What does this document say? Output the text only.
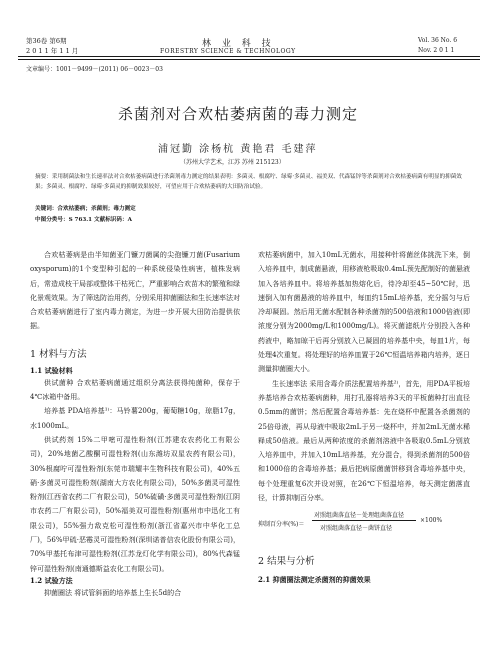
第36卷 第6期
2 0 1 1 年 1 1 月
林 业 科 技
FORESTRY SCIENCE & TECHNOLOGY
Vol. 36 No. 6
Nov. 2 0 1 1
文章编号：1001－9499－(2011) 06－0023－03
杀菌剂对合欢枯萎病菌的毒力测定
浦冠勤 涂杨杭 黄艳君 毛建萍
（苏州大学艺术，江苏 苏州 215123）
摘要：采用制菌法和生长速率法对合欢枯萎病菌进行杀菌剂毒力测定的结果表明：多菌灵、根腐咛、绿霉·多菌灵、福美双、代森锰锌等杀菌剂对合欢枯萎病菌有明显的抑菌效果；多菌灵、根腐咛、绿霉·多菌灵的抑制效果较好，可望应用于合欢枯萎病的大田防治试验。
关键词：合欢枯萎病；杀菌剂；毒力测定
中图分类号：S 763.1 文献标识码：A
合欢枯萎病是由半知菌亚门镰刀菌属的尖孢镰刀菌(Fusarium oxysporum)的1个变型种引起的一种系统侵染性病害，植株发病后，常造成枝干局部或整体干枯死亡，严重影响合欢苗木的繁殖和绿化景观效果。为了筛选防治用药，分别采用抑菌圈法和生长速率法对合欢枯萎病菌进行了室内毒力测定，为进一步开展大田防治提供依据。
1 材料与方法
1.1 试验材料
供试菌种 合欢枯萎病菌通过组织分离法获得纯菌种，保存于4℃冰箱中备用。
培养基 PDA培养基¹⁾：马铃薯200g，葡萄糖10g，琼脂17g，水1000mL。
供试药剂 15%二甲嘧可湿性粉剂(江苏建农农药化工有限公司)，20%地菌乙酸酮可湿性粉剂(山东潍坊双星农药有限公司)，30%根腐咛可湿性粉剂(东莞市瑞耀丰生物科技有限公司)，40%五硝·多菌灵可湿性粉剂(湖南大方农化有限公司)，50%多菌灵可湿性粉剂(江西省农药二厂有限公司)，50%硫磺·多菌灵可湿性粉剂(江阴市农药二厂有限公司)，50%福美双可湿性粉剂(惠州市中迅化工有限公司)，55%强力敌克松可湿性粉剂(浙江省嘉兴市中华化工总厂)，56%甲硫·恶霉灵可湿性粉剂(深圳诺普信农化股份有限公司)，70%甲基托布津可湿性粉剂(江苏龙灯化学有限公司)，80%代森锰锌可湿性粉剂(南通德斯益农化工有限公司)。
1.2 试验方法
抑菌圈法 将试管斜面的培养基上生长5d的合
欢枯萎病菌中，加入10mL无菌水，用接种针将菌丝体挑洗下来，倒入培养皿中，制成菌悬液，用移液枪吸取0.4mL预先配制好的菌悬液加入各培养皿中。将培养基加热熔化后，待冷却至45~50℃时，迅速倒入加有菌悬液的培养皿中，每皿约15mL培养基，充分摇匀与后冷却凝固。然后用无菌水配制各种杀菌剂的500倍液和1000倍液(即浓度分别为2000mg/L和1000mg/L)。将灭菌滤纸片分别投入各种药液中，略加晾干后再分别放入已凝固的培养基中央，每皿1片，每处理4次重复。将处理好的培养皿置于26℃恒温培养箱内培养，逐日测量抑菌圈大小。
生长速率法 采用含毒介质法配置培养基²⁾，首先，用PDA平板培养基培养合欢枯萎病菌种，用打孔器将培养3天的平板菌种打出直径0.5mm的菌饼；然后配置含毒培养基：先在烧杯中配置各杀菌剂的25倍母液，再从母液中吸取2mL于另一烧杯中，并加2mL无菌水稀释成50倍液。最后从两种浓度的杀菌剂溶液中各吸取0.5mL分别放入培养皿中，并加入10mL培养基，充分混合，得到杀菌剂的500倍和1000倍的含毒培养基；最后把病原菌菌饼移到含毒培养基中央，每个处理重复6次并设对照，在26℃下恒温培养，每天测定菌落直径，计算抑制百分率。
抑制百分率(%)＝
对照组菌落直径－处理组菌落直径
对照组菌落直径－菌饼直径
×100%
2 结果与分析
2.1 抑菌圈法测定杀菌剂的抑菌效果
